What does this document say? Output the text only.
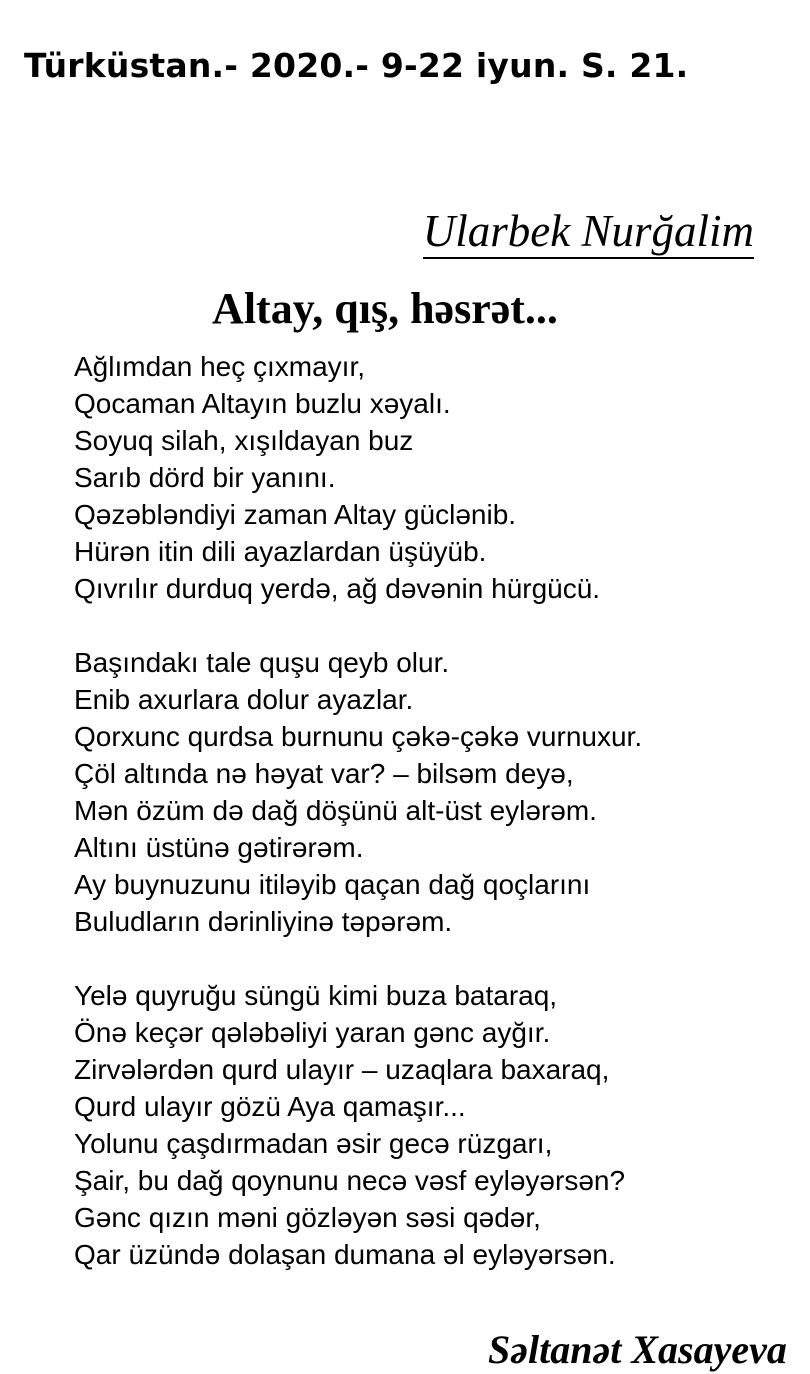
Türküstan.- 2020.- 9-22 iyun. S. 21.
Ularbek Nurğalim
Altay, qış, həsrət...
Ağlımdan heç çıxmayır,
Qocaman Altayın buzlu xəyalı.
Soyuq silah, xışıldayan buz
Sarıb dörd bir yanını.
Qəzəbləndiyi zaman Altay güclənib.
Hürən itin dili ayazlardan üşüyüb.
Qıvrılır durduq yerdə, ağ dəvənin hürgücü.
Başındakı tale quşu qeyb olur.
Enib axurlara dolur ayazlar.
Qorxunc qurdsa burnunu çəkə-çəkə vurnuxur.
Çöl altında nə həyat var? – bilsəm deyə,
Mən özüm də dağ döşünü alt-üst eylərəm.
Altını üstünə gətirərəm.
Ay buynuzunu itiləyib qaçan dağ qoçlarını
Buludların dərinliyinə təpərəm.
Yelə quyruğu süngü kimi buza bataraq,
Önə keçər qələbəliyi yaran gənc ayğır.
Zirvələrdən qurd ulayır – uzaqlara baxaraq,
Qurd ulayır gözü Aya qamaşır...
Yolunu çaşdırmadan əsir gecə rüzgarı,
Şair, bu dağ qoynunu necə vəsf eyləyərsən?
Gənc qızın məni gözləyən səsi qədər,
Qar üzündə dolaşan dumana əl eyləyərsən.
Səltanət Xasayeva
